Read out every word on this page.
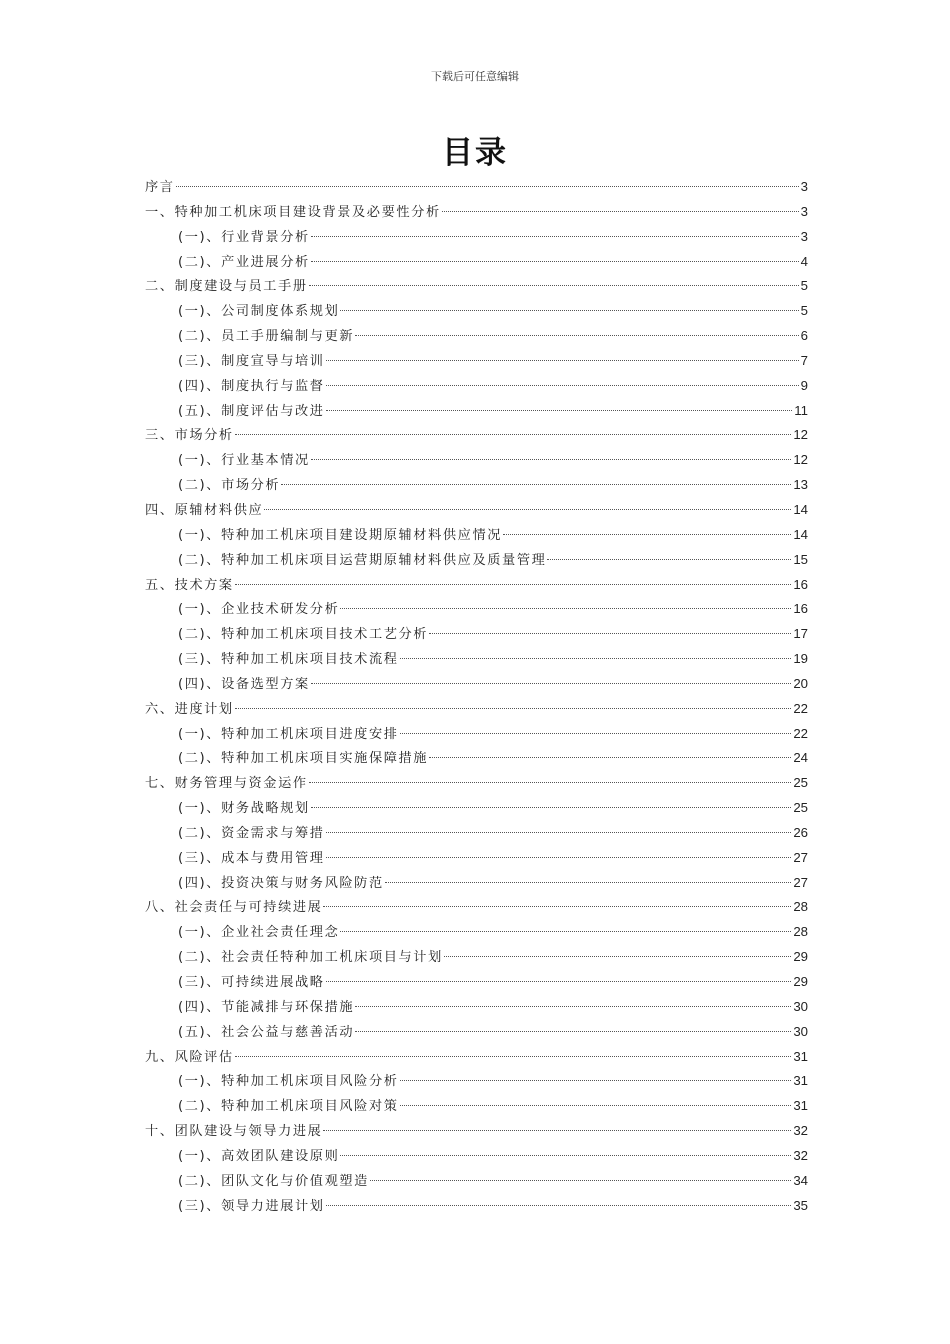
下载后可任意编辑
目录
序言	3
一、特种加工机床项目建设背景及必要性分析	3
(一)、行业背景分析	3
(二)、产业进展分析	4
二、制度建设与员工手册	5
(一)、公司制度体系规划	5
(二)、员工手册编制与更新	6
(三)、制度宣导与培训	7
(四)、制度执行与监督	9
(五)、制度评估与改进	11
三、市场分析	12
(一)、行业基本情况	12
(二)、市场分析	13
四、原辅材料供应	14
(一)、特种加工机床项目建设期原辅材料供应情况	14
(二)、特种加工机床项目运营期原辅材料供应及质量管理	15
五、技术方案	16
(一)、企业技术研发分析	16
(二)、特种加工机床项目技术工艺分析	17
(三)、特种加工机床项目技术流程	19
(四)、设备选型方案	20
六、进度计划	22
(一)、特种加工机床项目进度安排	22
(二)、特种加工机床项目实施保障措施	24
七、财务管理与资金运作	25
(一)、财务战略规划	25
(二)、资金需求与筹措	26
(三)、成本与费用管理	27
(四)、投资决策与财务风险防范	27
八、社会责任与可持续进展	28
(一)、企业社会责任理念	28
(二)、社会责任特种加工机床项目与计划	29
(三)、可持续进展战略	29
(四)、节能减排与环保措施	30
(五)、社会公益与慈善活动	30
九、风险评估	31
(一)、特种加工机床项目风险分析	31
(二)、特种加工机床项目风险对策	31
十、团队建设与领导力进展	32
(一)、高效团队建设原则	32
(二)、团队文化与价值观塑造	34
(三)、领导力进展计划	35
